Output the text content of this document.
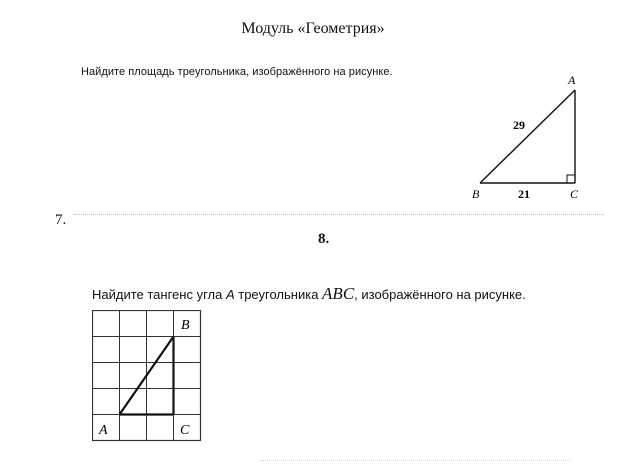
Модуль «Геометрия»
Найдите площадь треугольника, изображённого на рисунке.
A
B	C
29
21
7.
8.
Найдите тангенс угла A треугольника ABC, изображённого на рисунке.
B
A	C
